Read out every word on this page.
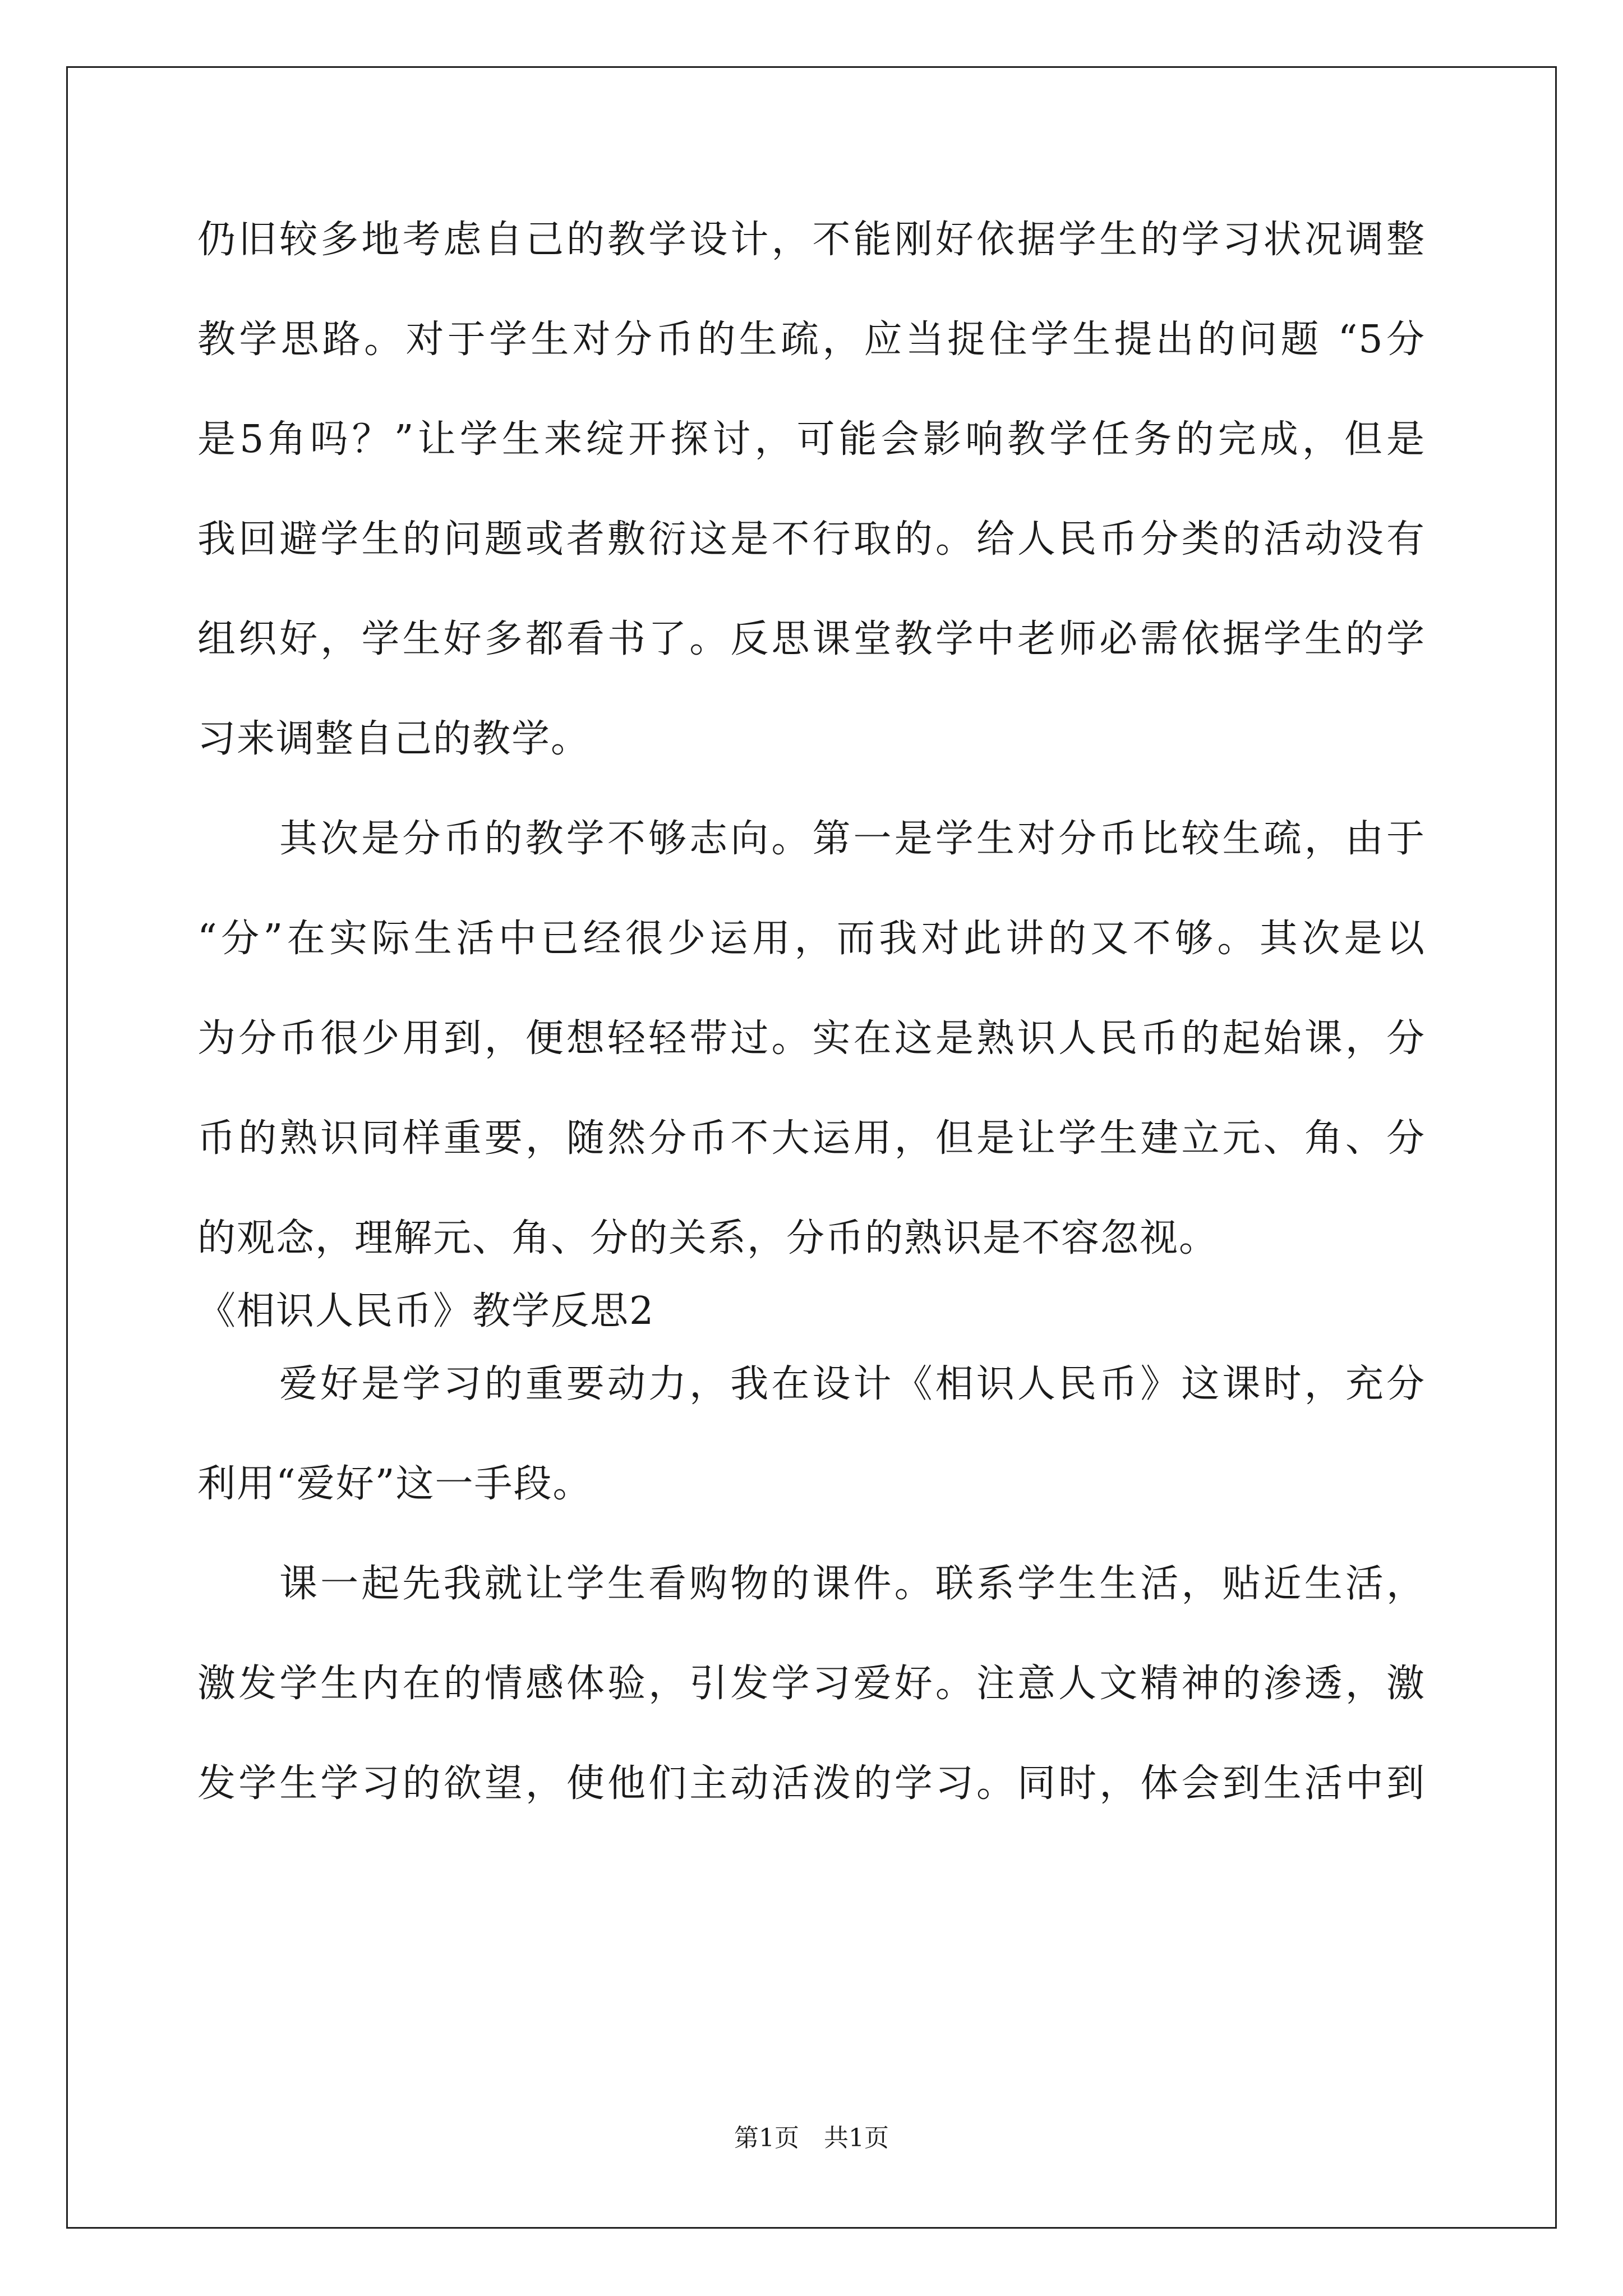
仍旧较多地考虑自己的教学设计，不能刚好依据学生的学习状况调整
教学思路。对于学生对分币的生疏，应当捉住学生提出的问题 “5分
是5角吗？”让学生来绽开探讨，可能会影响教学任务的完成，但是
我回避学生的问题或者敷衍这是不行取的。给人民币分类的活动没有
组织好，学生好多都看书了。反思课堂教学中老师必需依据学生的学
习来调整自己的教学。
其次是分币的教学不够志向。第一是学生对分币比较生疏，由于
“分”在实际生活中已经很少运用，而我对此讲的又不够。其次是以
为分币很少用到，便想轻轻带过。实在这是熟识人民币的起始课，分
币的熟识同样重要，随然分币不大运用，但是让学生建立元、角、分
的观念，理解元、角、分的关系，分币的熟识是不容忽视。
《相识人民币》教学反思2
爱好是学习的重要动力，我在设计《相识人民币》这课时，充分
利用“爱好”这一手段。
课一起先我就让学生看购物的课件。联系学生生活，贴近生活，
激发学生内在的情感体验，引发学习爱好。注意人文精神的渗透，激
发学生学习的欲望，使他们主动活泼的学习。同时，体会到生活中到
第1页　共1页
